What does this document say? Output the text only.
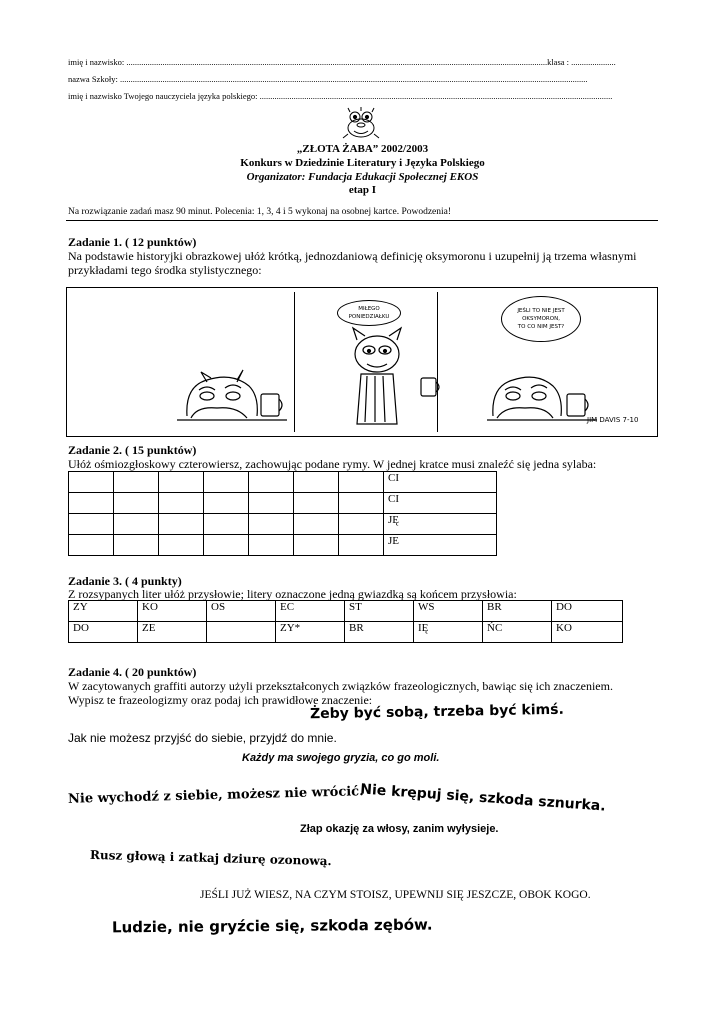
imię i nazwisko: ......................................................................................................................................................................................................klasa : .....................
nazwa Szkoły: ............................................................................................................................................................................................................................
imię i nazwisko Twojego nauczyciela języka polskiego: ......................................................................................................................................................................
„ZŁOTA ŻABA” 2002/2003
Konkurs w Dziedzinie Literatury i Języka Polskiego
Organizator: Fundacja Edukacji Społecznej EKOS
etap I
Na rozwiązanie zadań masz 90 minut. Polecenia: 1, 3, 4 i 5 wykonaj na osobnej kartce. Powodzenia!
Zadanie 1. ( 12 punktów)
Na podstawie historyjki obrazkowej ułóż krótką, jednozdaniową definicję oksymoronu i uzupełnij ją trzema własnymi
przykładami tego środka stylistycznego:
MIŁEGO
PONIEDZIAŁKU
JEŚLI TO NIE JEST
OKSYMORON,
TO CO NIM JEST?
JIM DAVIS 7-10
Zadanie 2. ( 15 punktów)
Ułóż ośmiozgłoskowy czterowiersz, zachowując podane rymy. W jednej kratce musi znaleźć się jedna sylaba:
							CI
							CI
							JĘ
							JE
Zadanie 3. ( 4 punkty)
Z rozsypanych liter ułóż przysłowie; litery oznaczone jedną gwiazdką są końcem przysłowia:
ZY	KO	OS	EC	ST	WS	BR	DO
DO	ZE		ZY*	BR	IĘ	ŃC	KO
Zadanie 4. ( 20 punktów)
W zacytowanych graffiti autorzy użyli przekształconych związków frazeologicznych, bawiąc się ich znaczeniem.
Wypisz te frazeologizmy oraz podaj ich prawidłowe znaczenie:
Żeby być sobą, trzeba być kimś.
Jak nie możesz przyjść do siebie, przyjdź do mnie.
Każdy ma swojego gryzia, co go moli.
Nie wychodź z siebie, możesz nie wrócić.
Nie krępuj się, szkoda sznurka.
Złap okazję za włosy, zanim wyłysieje.
Rusz głową i zatkaj dziurę ozonową.
JEŚLI JUŻ WIESZ, NA CZYM STOISZ, UPEWNIJ SIĘ JESZCZE, OBOK KOGO.
Ludzie, nie gryźcie się, szkoda zębów.
